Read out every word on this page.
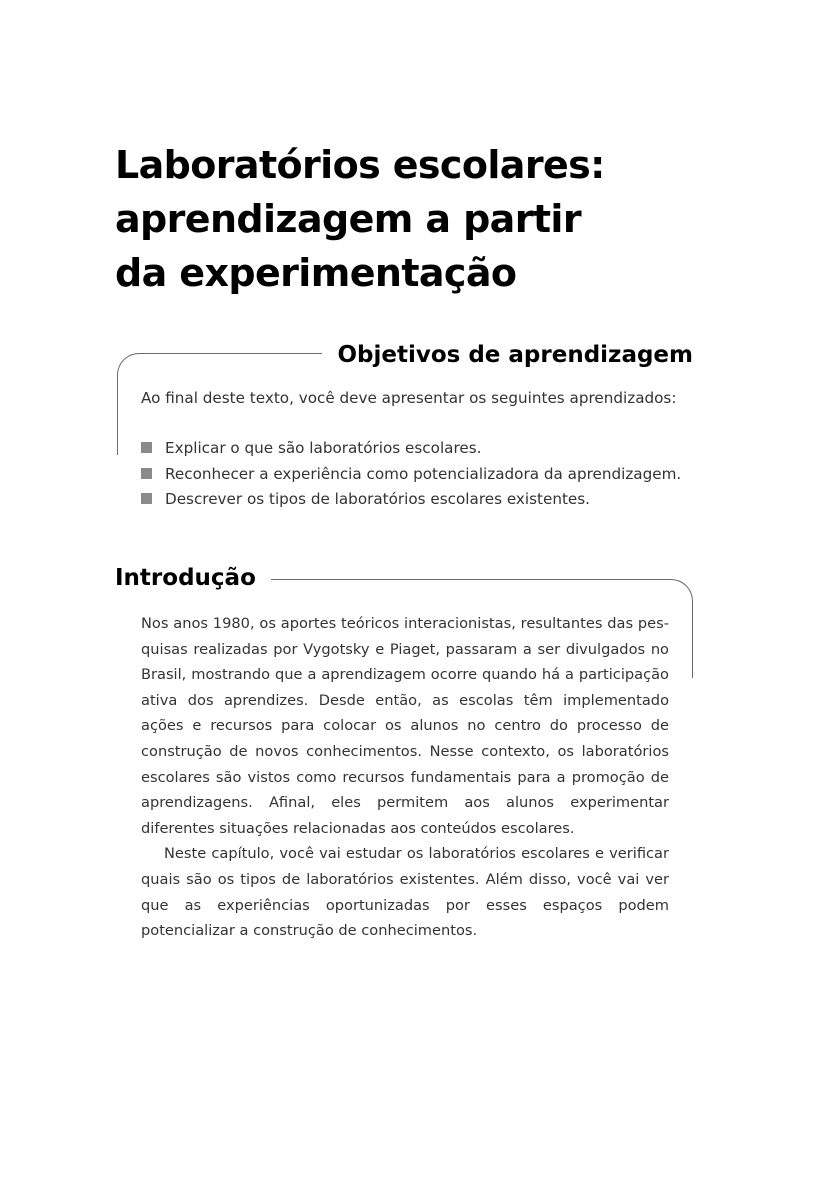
Laboratórios escolares:
aprendizagem a partir
da experimentação
Objetivos de aprendizagem

Ao final deste texto, você deve apresentar os seguintes aprendizados:

Explicar o que são laboratórios escolares.
Reconhecer a experiência como potencializadora da aprendizagem.
Descrever os tipos de laboratórios escolares existentes.
Introdução

Nos anos 1980, os aportes teóricos interacionistas, resultantes das pesquisas realizadas por Vygotsky e Piaget, passaram a ser divulgados no Brasil, mostrando que a aprendizagem ocorre quando há a participação ativa dos aprendizes. Desde então, as escolas têm implementado ações e recursos para colocar os alunos no centro do processo de construção de novos conhecimentos. Nesse contexto, os laboratórios escolares são vistos como recursos fundamentais para a promoção de aprendizagens. Afinal, eles permitem aos alunos experimentar diferentes situações relacionadas aos conteúdos escolares.

Neste capítulo, você vai estudar os laboratórios escolares e verificar quais são os tipos de laboratórios existentes. Além disso, você vai ver que as experiências oportunizadas por esses espaços podem potencializar a construção de conhecimentos.
